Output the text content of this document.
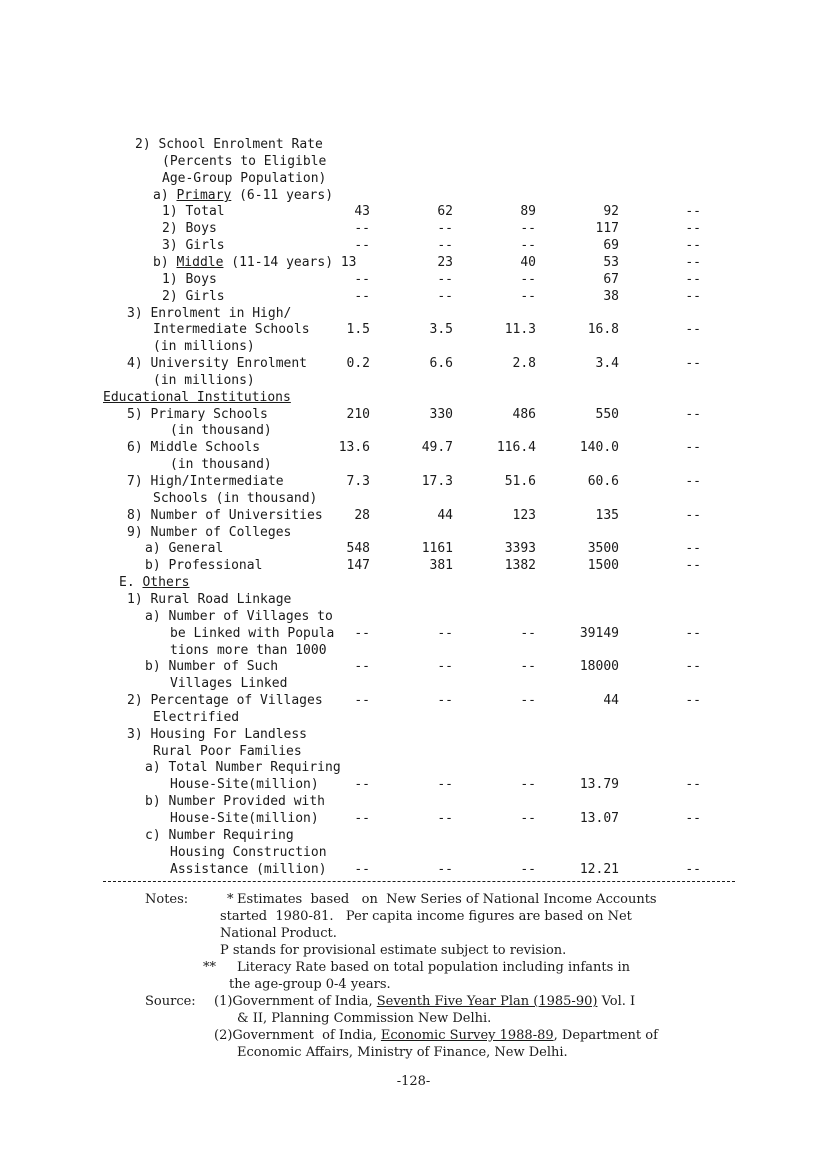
2) School Enrolment Rate
(Percents to Eligible
Age-Group Population)
a) Primary (6-11 years)
1) Total	43	62	89	92	--
2) Boys	--	--	--	117	--
3) Girls	--	--	--	69	--
b) Middle (11-14 years) 13	23	40	53	--
1) Boys	--	--	--	67	--
2) Girls	--	--	--	38	--
3) Enrolment in High/
Intermediate Schools	1.5	3.5	11.3	16.8	--
(in millions)
4) University Enrolment	0.2	6.6	2.8	3.4	--
(in millions)
Educational Institutions
5) Primary Schools	210	330	486	550	--
(in thousand)
6) Middle Schools	13.6	49.7	116.4	140.0	--
(in thousand)
7) High/Intermediate	7.3	17.3	51.6	60.6	--
Schools (in thousand)
8) Number of Universities	28	44	123	135	--
9) Number of Colleges
a) General	548	1161	3393	3500	--
b) Professional	147	381	1382	1500	--
E. Others
1) Rural Road Linkage
a) Number of Villages to
be Linked with Popula	--	--	--	39149	--
tions more than 1000
b) Number of Such	--	--	--	18000	--
Villages Linked
2) Percentage of Villages	--	--	--	44	--
Electrified
3) Housing For Landless
Rural Poor Families
a) Total Number Requiring
House-Site(million)	--	--	--	13.79	--
b) Number Provided with
House-Site(million)	--	--	--	13.07	--
c) Number Requiring
Housing Construction
Assistance (million)	--	--	--	12.21	--
Notes:	* Estimates  based   on  New Series of National Income Accounts
started  1980-81.   Per capita income figures are based on Net
National Product.
P stands for provisional estimate subject to revision.
** Literacy Rate based on total population including infants in
the age-group 0-4 years.
Source: (1)Government of India, Seventh Five Year Plan (1985-90) Vol. I
& II, Planning Commission New Delhi.
(2)Government  of India, Economic Survey 1988-89, Department of
Economic Affairs, Ministry of Finance, New Delhi.
-128-
